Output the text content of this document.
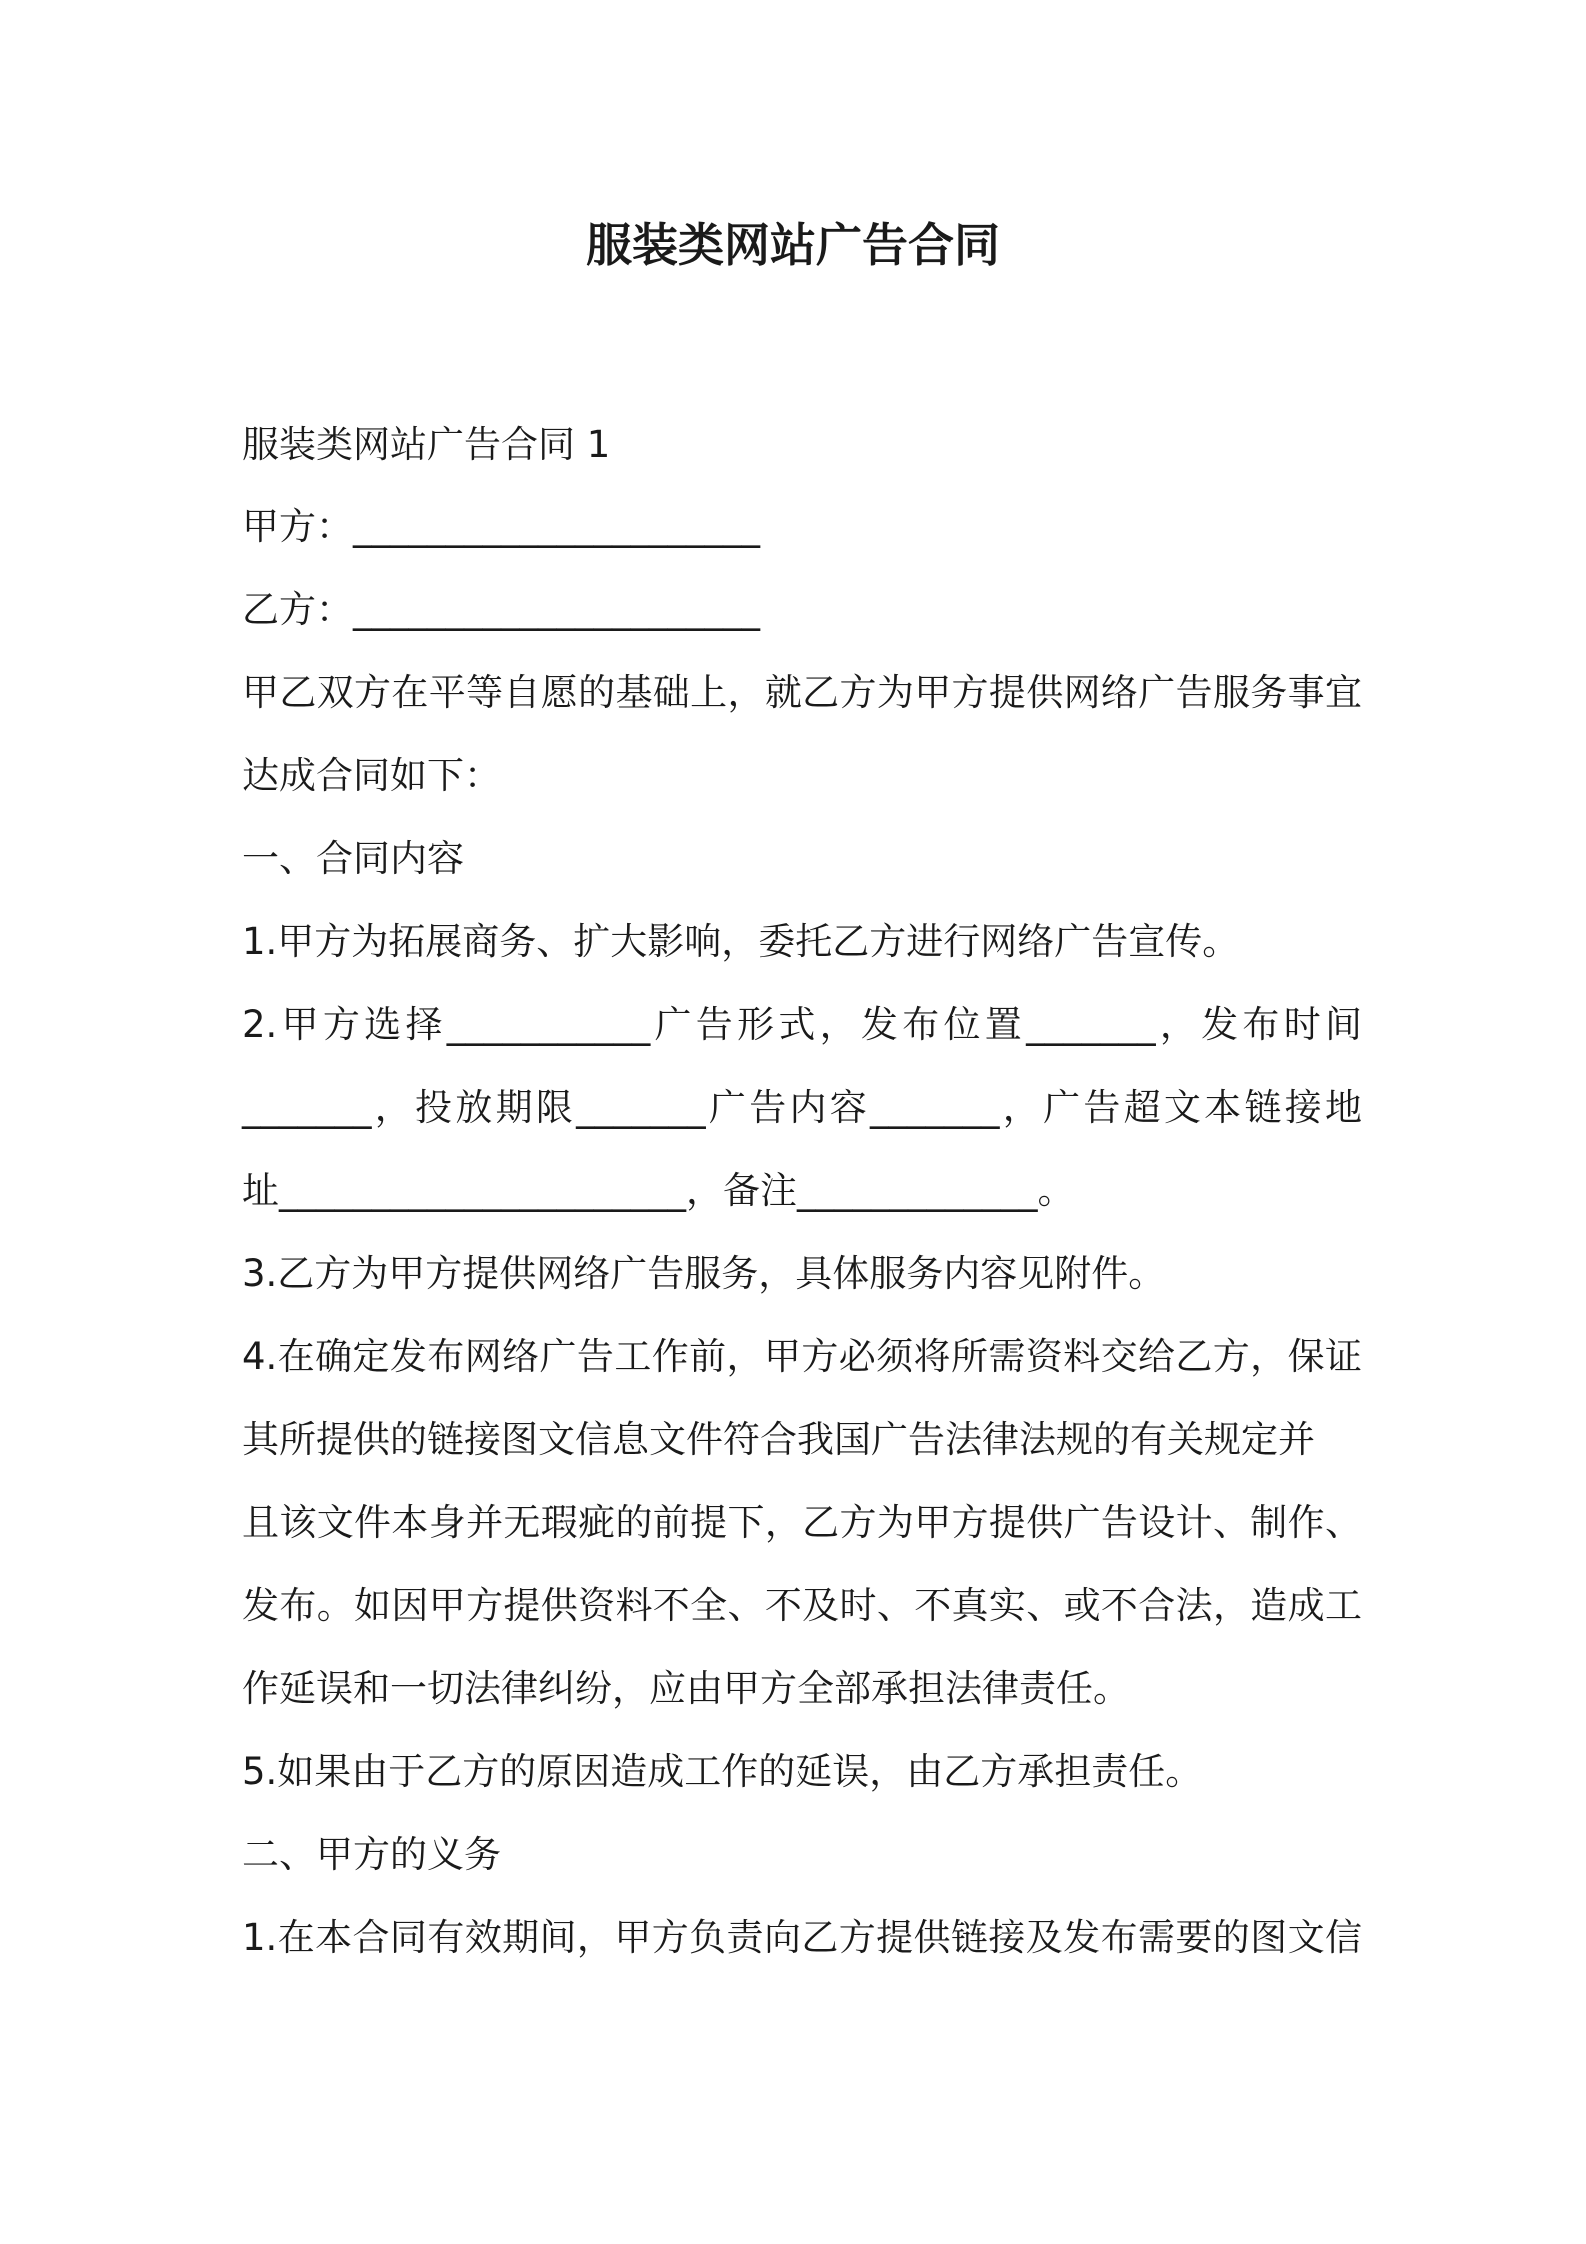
服装类网站广告合同
服装类网站广告合同 1
甲方：______________________
乙方：______________________
甲乙双方在平等自愿的基础上，就乙方为甲方提供网络广告服务事宜
达成合同如下：
一、合同内容
1.甲方为拓展商务、扩大影响，委托乙方进行网络广告宣传。
2.甲方选择___________广告形式，发布位置_______，发布时间
_______，投放期限_______广告内容_______，广告超文本链接地
址______________________，备注_____________。
3.乙方为甲方提供网络广告服务，具体服务内容见附件。
4.在确定发布网络广告工作前，甲方必须将所需资料交给乙方，保证
其所提供的链接图文信息文件符合我国广告法律法规的有关规定并
且该文件本身并无瑕疵的前提下，乙方为甲方提供广告设计、制作、
发布。如因甲方提供资料不全、不及时、不真实、或不合法，造成工
作延误和一切法律纠纷，应由甲方全部承担法律责任。
5.如果由于乙方的原因造成工作的延误，由乙方承担责任。
二、甲方的义务
1.在本合同有效期间，甲方负责向乙方提供链接及发布需要的图文信
